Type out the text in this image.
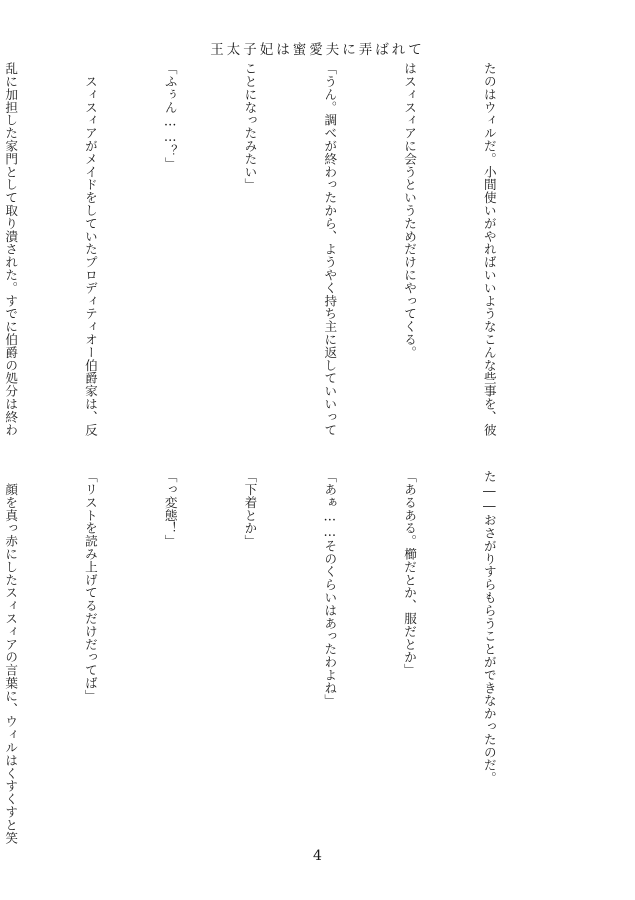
王太子妃は蜜愛夫に弄ばれて

たのはウィルだ。小間使いがやればいいようなこんな些事を、彼

はスィスィアに会うというためだけにやってくる。

「うん。調べが終わったから、ようやく持ち主に返していいって

ことになったみたい」

「ふぅん……？」

　スィスィアがメイドをしていたプロディティオー伯爵家は、反

乱に加担した家門として取り潰された。すでに伯爵の処分は終わ

た――おさがりすらもらうことができなかったのだ。

「あるある。櫛だとか、服だとか」

「あぁ……そのくらいはあったわよね」

「下着とか」

「っ変態！」

「リストを読み上げてるだけだってば」

　顔を真っ赤にしたスィスィアの言葉に、ウィルはくすくすと笑

4
